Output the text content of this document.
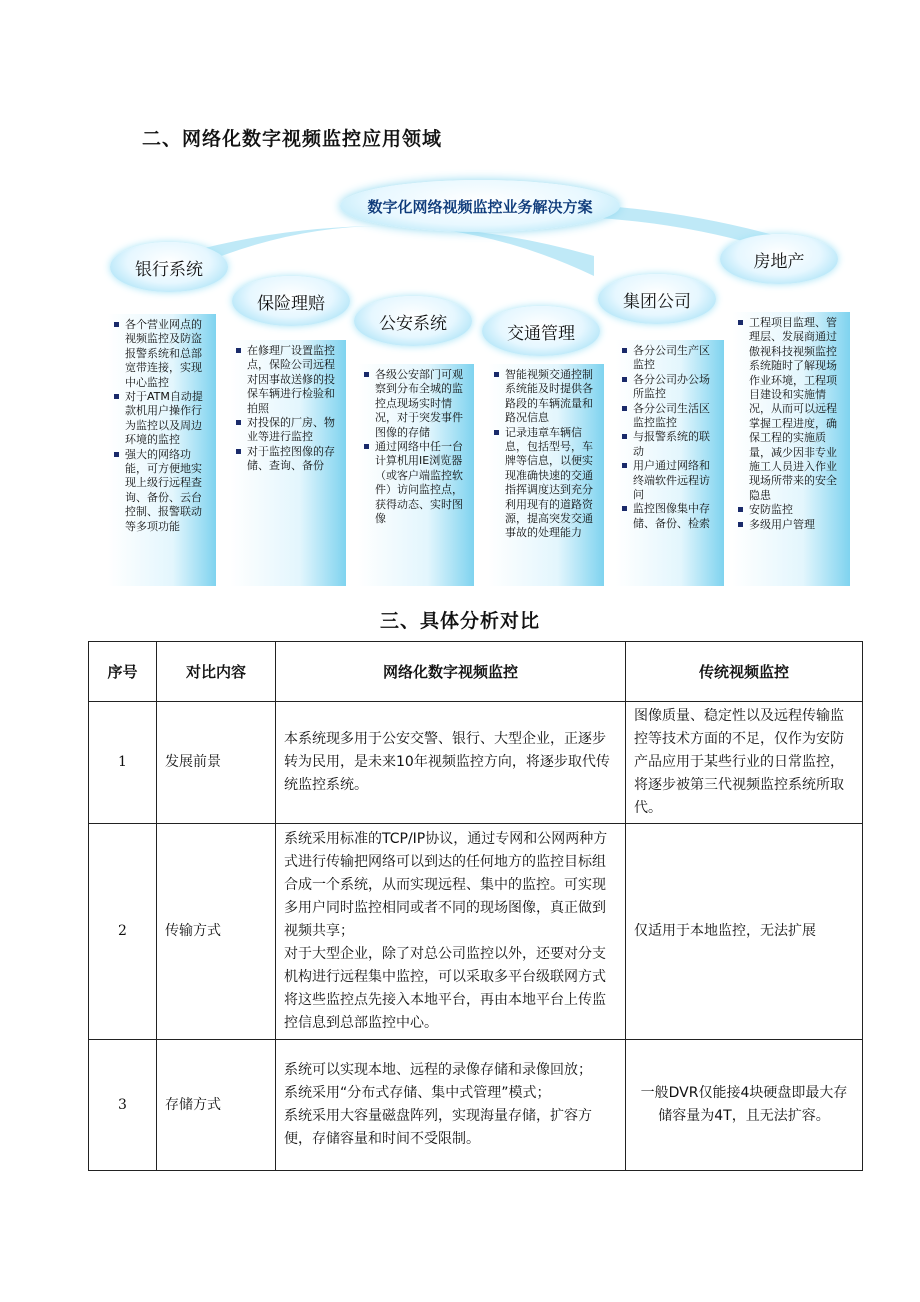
二、网络化数字视频监控应用领域
数字化网络视频监控业务解决方案
银行系统
保险理赔
公安系统	交通管理
集团公司
房地产
各个营业网点的视频监控及防盗报警系统和总部宽带连接，实现中心监控
对于ATM自动提款机用户操作行为监控以及周边环境的监控
强大的网络功能，可方便地实现上级行远程查询、备份、云台控制、报警联动等多项功能
在修理厂设置监控点，保险公司远程对因事故送修的投保车辆进行检验和拍照
对投保的厂房、物业等进行监控
对于监控图像的存储、查询、备份
各级公安部门可观察到分布全城的监控点现场实时情况，对于突发事件图像的存储
通过网络中任一台计算机用IE浏览器（或客户端监控软件）访问监控点，获得动态、实时图像
智能视频交通控制系统能及时提供各路段的车辆流量和路况信息
记录违章车辆信息，包括型号，车牌等信息，以便实现准确快速的交通指挥调度达到充分利用现有的道路资源，提高突发交通事故的处理能力
各分公司生产区监控
各分公司办公场所监控
各分公司生活区监控监控
与报警系统的联动
用户通过网络和终端软件远程访问
监控图像集中存储、备份、检索
工程项目监理、管理层、发展商通过傲视科技视频监控系统随时了解现场作业环境，工程项目建设和实施情况，从而可以远程掌握工程进度，确保工程的实施质量，减少因非专业施工人员进入作业现场所带来的安全隐患
安防监控
多级用户管理
三、具体分析对比
序号	对比内容	网络化数字视频监控	传统视频监控
1	发展前景	本系统现多用于公安交警、银行、大型企业，正逐步转为民用，是未来10年视频监控方向，将逐步取代传统监控系统。	图像质量、稳定性以及远程传输监控等技术方面的不足，仅作为安防产品应用于某些行业的日常监控，将逐步被第三代视频监控系统所取代。
2	传输方式	系统采用标准的TCP/IP协议，通过专网和公网两种方式进行传输把网络可以到达的任何地方的监控目标组合成一个系统，从而实现远程、集中的监控。可实现多用户同时监控相同或者不同的现场图像，真正做到视频共享；
对于大型企业，除了对总公司监控以外，还要对分支机构进行远程集中监控，可以采取多平台级联网方式将这些监控点先接入本地平台，再由本地平台上传监控信息到总部监控中心。	仅适用于本地监控，无法扩展
3	存储方式	系统可以实现本地、远程的录像存储和录像回放；
系统采用“分布式存储、集中式管理”模式；
系统采用大容量磁盘阵列，实现海量存储，扩容方便，存储容量和时间不受限制。	一般DVR仅能接4块硬盘即最大存储容量为4T，且无法扩容。
